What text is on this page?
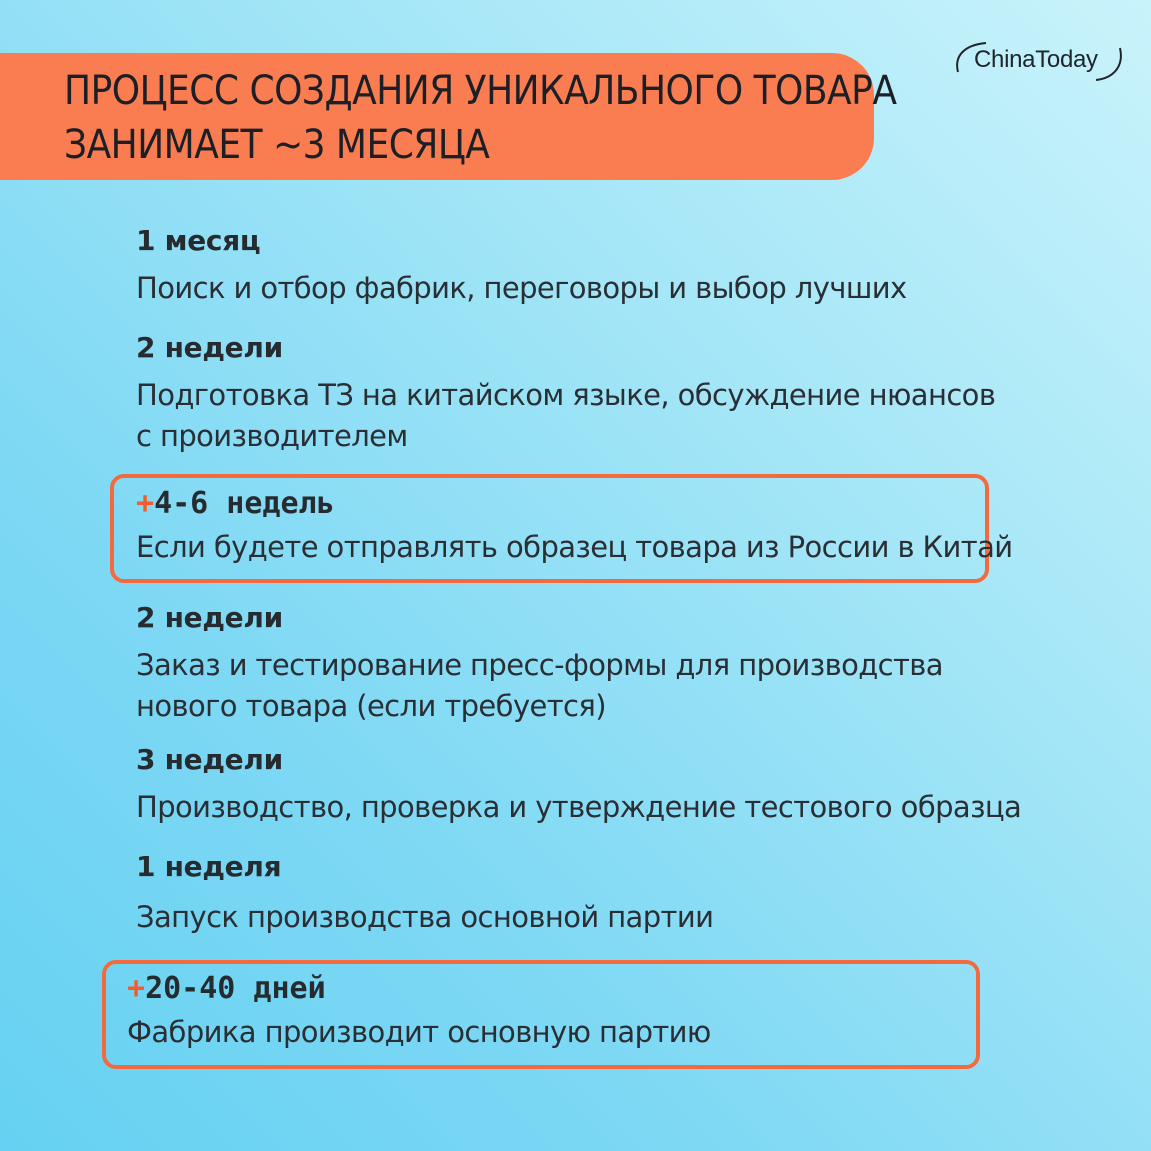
ПРОЦЕСС СОЗДАНИЯ УНИКАЛЬНОГО ТОВАРА
ЗАНИМАЕТ ~3 МЕСЯЦА
ChinaToday
1 месяц
Поиск и отбор фабрик, переговоры и выбор лучших
2 недели
Подготовка ТЗ на китайском языке, обсуждение нюансов
с производителем
+4-6 недель
Если будете отправлять образец товара из России в Китай
2 недели
Заказ и тестирование пресс-формы для производства
нового товара (если требуется)
3 недели
Производство, проверка и утверждение тестового образца
1 неделя
Запуск производства основной партии
+20-40 дней
Фабрика производит основную партию
